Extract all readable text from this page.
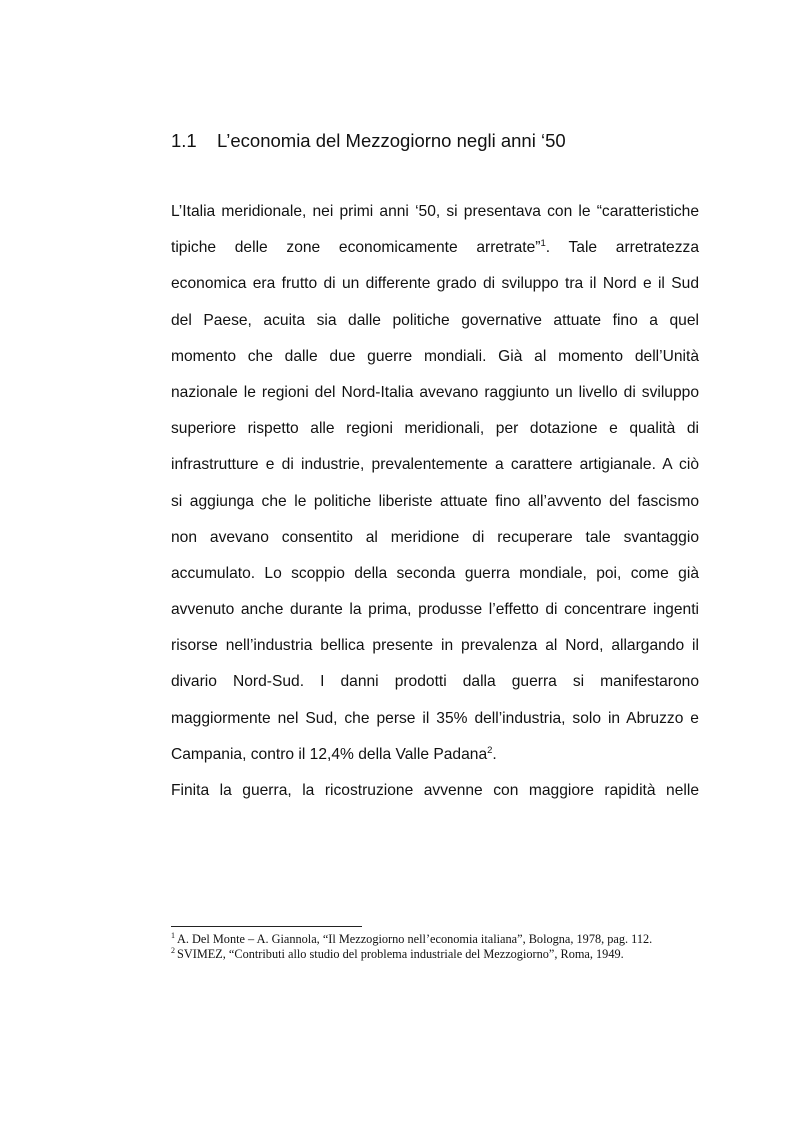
1.1 L’economia del Mezzogiorno negli anni ‘50
L’Italia meridionale, nei primi anni ‘50, si presentava con le “caratteristiche
tipiche delle zone economicamente arretrate”$^1$. Tale arretratezza
economica era frutto di un differente grado di sviluppo tra il Nord e il Sud
del Paese, acuita sia dalle politiche governative attuate fino a quel
momento che dalle due guerre mondiali. Già al momento dell’Unità
nazionale le regioni del Nord-Italia avevano raggiunto un livello di sviluppo
superiore rispetto alle regioni meridionali, per dotazione e qualità di
infrastrutture e di industrie, prevalentemente a carattere artigianale. A ciò
si aggiunga che le politiche liberiste attuate fino all’avvento del fascismo
non avevano consentito al meridione di recuperare tale svantaggio
accumulato. Lo scoppio della seconda guerra mondiale, poi, come già
avvenuto anche durante la prima, produsse l’effetto di concentrare ingenti
risorse nell’industria bellica presente in prevalenza al Nord, allargando il
divario Nord-Sud. I danni prodotti dalla guerra si manifestarono
maggiormente nel Sud, che perse il 35% dell’industria, solo in Abruzzo e
Campania, contro il 12,4% della Valle Padana$^2$.
Finita la guerra, la ricostruzione avvenne con maggiore rapidità nelle
$^1$ A. Del Monte – A. Giannola, “Il Mezzogiorno nell’economia italiana”, Bologna, 1978, pag. 112.
$^2$ SVIMEZ, “Contributi allo studio del problema industriale del Mezzogiorno”, Roma, 1949.
